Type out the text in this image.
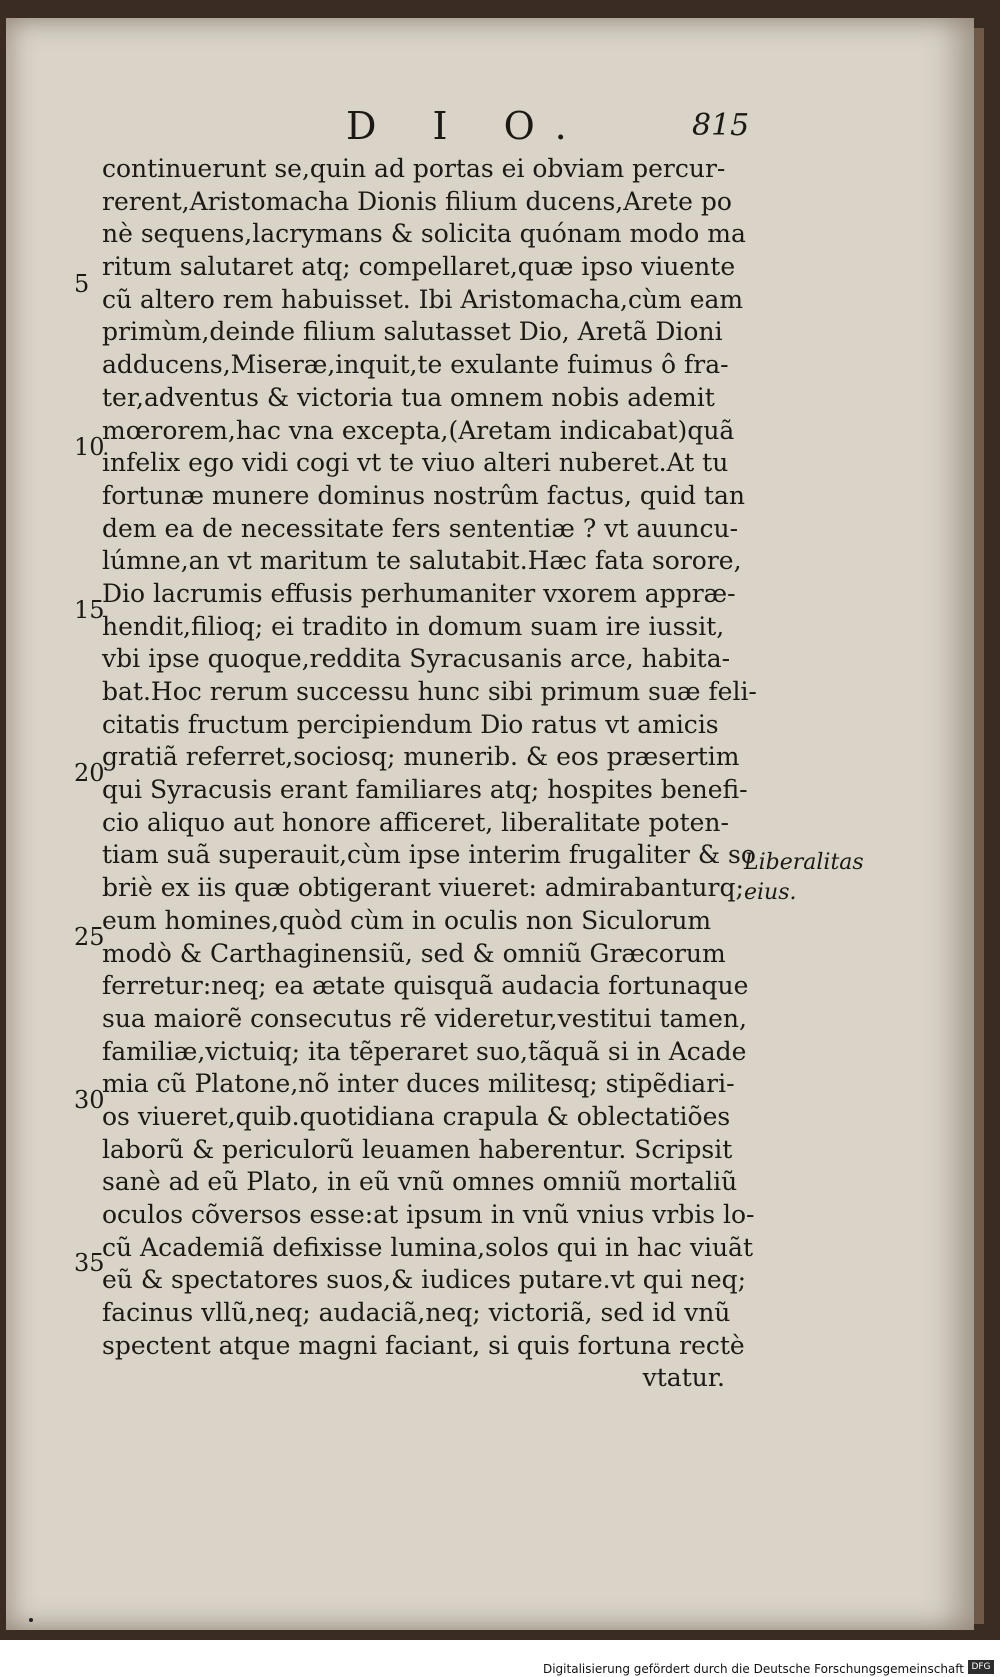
D I O.	815
5
10
15
20
25
30
35
continuerunt se,quin ad portas ei obviam percur-
rerent,Aristomacha Dionis filium ducens,Arete po
nè sequens,lacrymans & solicita quónam modo ma
ritum salutaret atq; compellaret,quæ ipso viuente
cũ altero rem habuisset. Ibi Aristomacha,cùm eam
primùm,deinde filium salutasset Dio, Aretã Dioni
adducens,Miseræ,inquit,te exulante fuimus ô fra-
ter,adventus & victoria tua omnem nobis ademit
mœrorem,hac vna excepta,(Aretam indicabat)quã
infelix ego vidi cogi vt te viuo alteri nuberet.At tu
fortunæ munere dominus nostrûm factus, quid tan
dem ea de necessitate fers sententiæ ? vt auuncu-
lúmne,an vt maritum te salutabit.Hæc fata sorore,
Dio lacrumis effusis perhumaniter vxorem appræ-
hendit,filioq; ei tradito in domum suam ire iussit,
vbi ipse quoque,reddita Syracusanis arce, habita-
bat.Hoc rerum successu hunc sibi primum suæ feli-
citatis fructum percipiendum Dio ratus vt amicis
gratiã referret,sociosq; munerib. & eos præsertim
qui Syracusis erant familiares atq; hospites benefi-
cio aliquo aut honore afficeret, liberalitate poten-
tiam suã superauit,cùm ipse interim frugaliter & so
briè ex iis quæ obtigerant viueret: admirabanturq;
eum homines,quòd cùm in oculis non Siculorum
modò & Carthaginensiũ, sed & omniũ Græcorum
ferretur:neq; ea ætate quisquã audacia fortunaque
sua maiorẽ consecutus rẽ videretur,vestitui tamen,
familiæ,victuiq; ita tẽperaret suo,tãquã si in Acade
mia cũ Platone,nõ inter duces militesq; stipẽdiari-
os viueret,quib.quotidiana crapula & oblectatiões
laborũ & periculorũ leuamen haberentur. Scripsit
sanè ad eũ Plato, in eũ vnũ omnes omniũ mortaliũ
oculos cõversos esse:at ipsum in vnũ vnius vrbis lo-
cũ Academiã defixisse lumina,solos qui in hac viuãt
eũ & spectatores suos,& iudices putare.vt qui neq;
facinus vllũ,neq; audaciã,neq; victoriã, sed id vnũ
spectent atque magni faciant, si quis fortuna rectè
vtatur.
Liberalitas
eius.
Digitalisierung gefördert durch die Deutsche Forschungsgemeinschaft DFG
